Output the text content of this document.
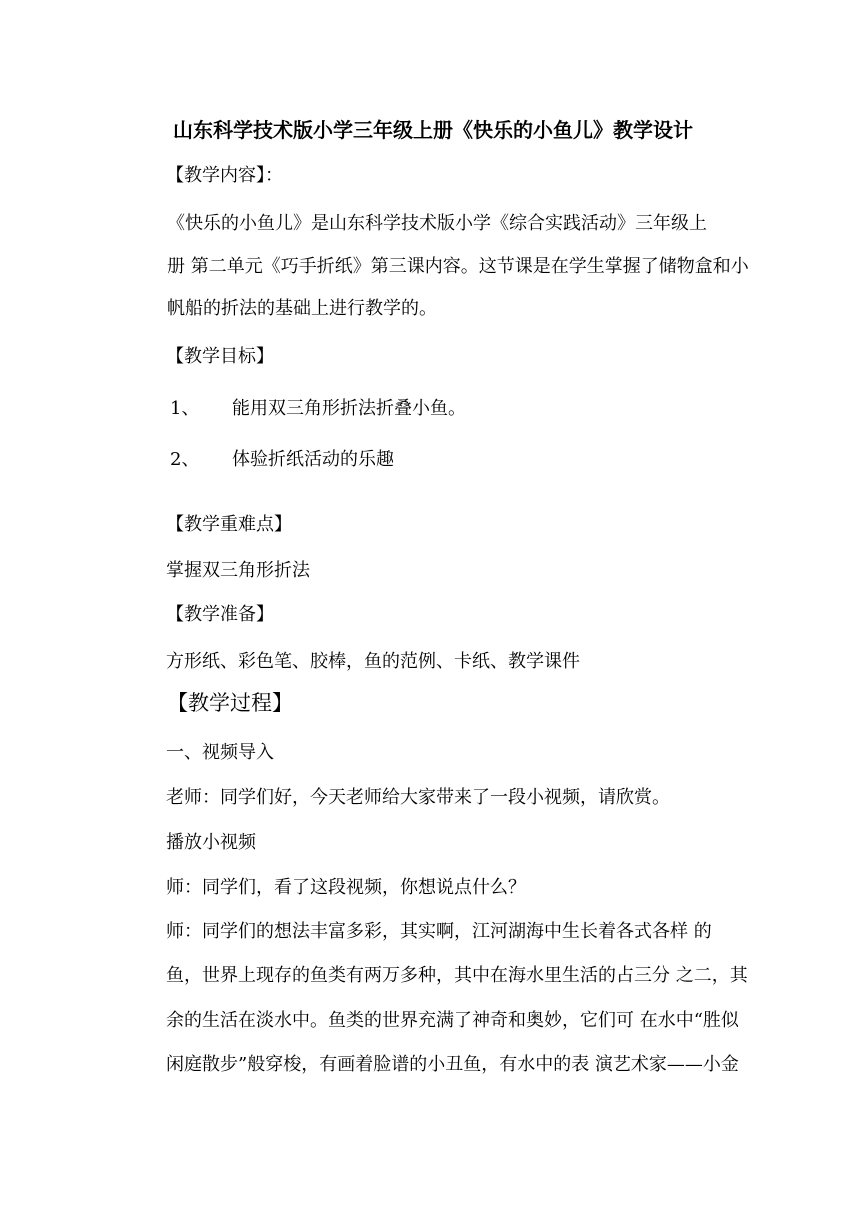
山东科学技术版小学三年级上册《快乐的小鱼儿》教学设计
【教学内容】：
《快乐的小鱼儿》是山东科学技术版小学《综合实践活动》三年级上
册 第二单元《巧手折纸》第三课内容。这节课是在学生掌握了储物盒和小
帆船的折法的基础上进行教学的。
【教学目标】
1、 能用双三角形折法折叠小鱼。
2、 体验折纸活动的乐趣
【教学重难点】
掌握双三角形折法
【教学准备】
方形纸、彩色笔、胶棒，鱼的范例、卡纸、教学课件
【教学过程】
一、视频导入
老师：同学们好，今天老师给大家带来了一段小视频，请欣赏。
播放小视频
师：同学们，看了这段视频，你想说点什么？
师：同学们的想法丰富多彩，其实啊，江河湖海中生长着各式各样 的
鱼，世界上现存的鱼类有两万多种，其中在海水里生活的占三分 之二，其
余的生活在淡水中。鱼类的世界充满了神奇和奥妙，它们可 在水中“胜似
闲庭散步”般穿梭，有画着脸谱的小丑鱼，有水中的表 演艺术家——小金
